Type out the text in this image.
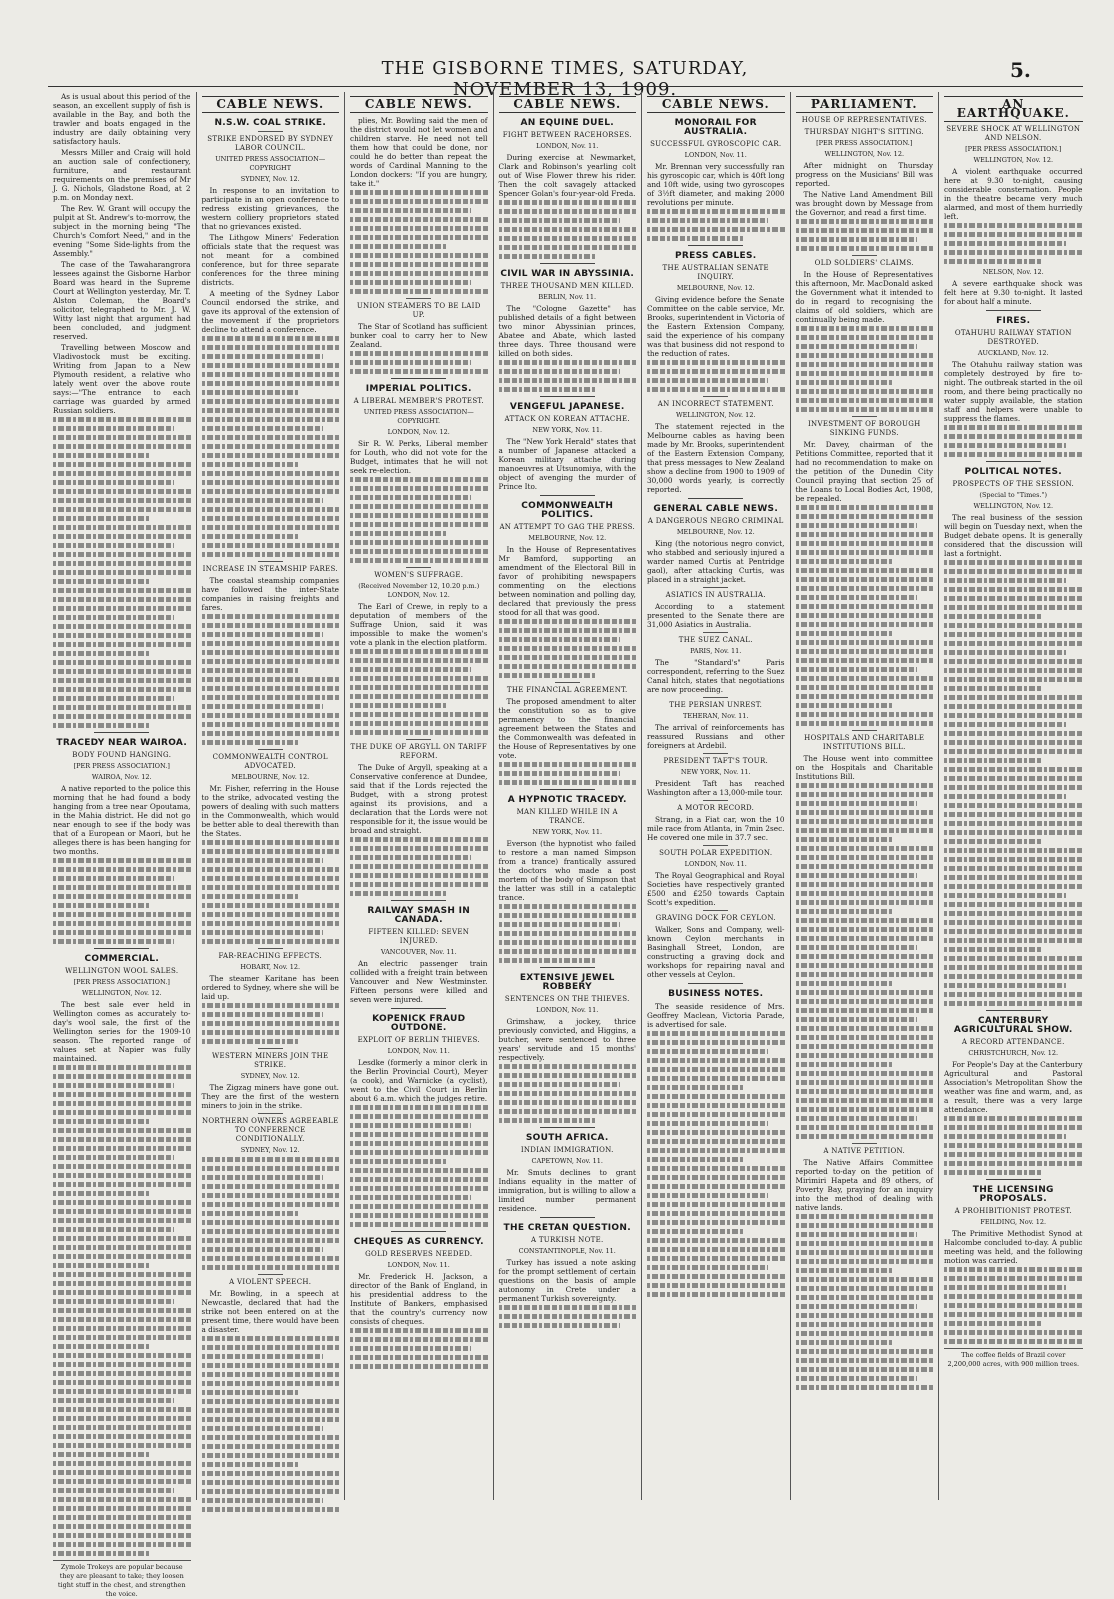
THE GISBORNE TIMES, SATURDAY, NOVEMBER 13, 1909.
5.

As is usual about this period of the season, an excellent supply of fish is available in the Bay, and both the trawler and boats engaged in the industry are daily obtaining very satisfactory hauls.

Messrs Miller and Craig will hold an auction sale of confectionery, furniture, and restaurant requirements on the premises of Mr J. G. Nichols, Gladstone Road, at 2 p.m. on Monday next.

The Rev. W. Grant will occupy the pulpit at St. Andrew's to-morrow, the subject in the morning being "The Church's Comfort Need," and in the evening "Some Side-lights from the Assembly."

The case of the Tawaharangrora lessees against the Gisborne Harbor Board was heard in the Supreme Court at Wellington yesterday, Mr. T. Alston Coleman, the Board's solicitor, telegraphed to Mr. J. W. Witty last night that argument had been concluded, and judgment reserved.

Travelling between Moscow and Vladivostock must be exciting. Writing from Japan to a New Plymouth resident, a relative who lately went over the above route says:—"The entrance to each carriage was guarded by armed Russian soldiers.

TRACEDY NEAR WAIROA.
BODY FOUND HANGING.
[PER PRESS ASSOCIATION.]
WAIROA, Nov. 12.

A native reported to the police this morning that he had found a body hanging from a tree near Opoutama, in the Mahia district. He did not go near enough to see if the body was that of a European or Maori, but he alleges there is has been hanging for two months.

COMMERCIAL.
WELLINGTON WOOL SALES.
[PER PRESS ASSOCIATION.]
WELLINGTON, Nov. 12.

The best sale ever held in Wellington comes as accurately to-day's wool sale, the first of the Wellington series for the 1909-10 season. The reported range of values set at Napier was fully maintained.

Zymole Trokeys are popular because they are pleasant to take; they loosen tight stuff in the chest, and strengthen the voice.
CABLE NEWS.
N.S.W. COAL STRIKE.
STRIKE ENDORSED BY SYDNEY LABOR COUNCIL.
UNITED PRESS ASSOCIATION—COPYRIGHT
SYDNEY, Nov. 12.

In response to an invitation to participate in an open conference to redress existing grievances, the western colliery proprietors stated that no grievances existed.

The Lithgow Miners' Federation officials state that the request was not meant for a combined conference, but for three separate conferences for the three mining districts.

A meeting of the Sydney Labor Council endorsed the strike, and gave its approval of the extension of the movement if the proprietors decline to attend a conference.

INCREASE IN STEAMSHIP FARES.

The coastal steamship companies have followed the inter-State companies in raising freights and fares.

COMMONWEALTH CONTROL ADVOCATED.
MELBOURNE, Nov. 12.

Mr. Fisher, referring in the House to the strike, advocated vesting the powers of dealing with such matters in the Commonwealth, which would be better able to deal therewith than the States.

FAR-REACHING EFFECTS.
HOBART, Nov. 12.

The steamer Karitane has been ordered to Sydney, where she will be laid up.

WESTERN MINERS JOIN THE STRIKE.
SYDNEY, Nov. 12.

The Zigzag miners have gone out. They are the first of the western miners to join in the strike.

NORTHERN OWNERS AGREEABLE TO CONFERENCE CONDITIONALLY.
SYDNEY, Nov. 12.
A VIOLENT SPEECH.

Mr. Bowling, in a speech at Newcastle, declared that had the strike not been entered on at the present time, there would have been a disaster.

CABLE NEWS.

plies, Mr. Bowling said the men of the district would not let women and children starve. He need not tell them how that could be done, nor could he do better than repeat the words of Cardinal Manning to the London dockers: "If you are hungry, take it."

UNION STEAMERS TO BE LAID UP.

The Star of Scotland has sufficient bunker coal to carry her to New Zealand.

IMPERIAL POLITICS.
A LIBERAL MEMBER'S PROTEST.
UNITED PRESS ASSOCIATION—COPYRIGHT.
LONDON, Nov. 12.

Sir R. W. Perks, Liberal member for Louth, who did not vote for the Budget, intimates that he will not seek re-election.

WOMEN'S SUFFRAGE.
(Received November 12, 10.20 p.m.) LONDON, Nov. 12.

The Earl of Crewe, in reply to a deputation of members of the Suffrage Union, said it was impossible to make the women's vote a plank in the election platform.

THE DUKE OF ARGYLL ON TARIFF REFORM.

The Duke of Argyll, speaking at a Conservative conference at Dundee, said that if the Lords rejected the Budget, with a strong protest against its provisions, and a declaration that the Lords were not responsible for it, the issue would be broad and straight.

RAILWAY SMASH IN CANADA.
FIFTEEN KILLED: SEVEN INJURED.
VANCOUVER, Nov. 11.

An electric passenger train collided with a freight train between Vancouver and New Westminster. Fifteen persons were killed and seven were injured.

KOPENICK FRAUD OUTDONE.
EXPLOIT OF BERLIN THIEVES.
LONDON, Nov. 11.

Lesdke (formerly a minor clerk in the Berlin Provincial Court), Meyer (a cook), and Warnicke (a cyclist), went to the Civil Court in Berlin about 6 a.m. which the judges retire.

CHEQUES AS CURRENCY.
GOLD RESERVES NEEDED.
LONDON, Nov. 11.

Mr. Frederick H. Jackson, a director of the Bank of England, in his presidential address to the Institute of Bankers, emphasised that the country's currency now consists of cheques.

CABLE NEWS.
AN EQUINE DUEL.
FIGHT BETWEEN RACEHORSES.
LONDON, Nov. 11.

During exercise at Newmarket, Clark and Robinson's yearling colt out of Wise Flower threw his rider. Then the colt savagely attacked Spencer Golan's four-year-old Freda.

CIVIL WAR IN ABYSSINIA.
THREE THOUSAND MEN KILLED.
BERLIN, Nov. 11.

The "Cologne Gazette" has published details of a fight between two minor Abyssinian princes, Abatee and Abate, which lasted three days. Three thousand were killed on both sides.

VENGEFUL JAPANESE.
ATTACK ON KOREAN ATTACHE.
NEW YORK, Nov. 11.

The "New York Herald" states that a number of Japanese attacked a Korean military attache during manoeuvres at Utsunomiya, with the object of avenging the murder of Prince Ito.

COMMONWEALTH POLITICS.
AN ATTEMPT TO GAG THE PRESS.
MELBOURNE, Nov. 12.

In the House of Representatives Mr Bamford, supporting an amendment of the Electoral Bill in favor of prohibiting newspapers commenting on the elections between nomination and polling day, declared that previously the press stood for all that was good.

THE FINANCIAL AGREEMENT.

The proposed amendment to alter the constitution so as to give permanency to the financial agreement between the States and the Commonwealth was defeated in the House of Representatives by one vote.

A HYPNOTIC TRACEDY.
MAN KILLED WHILE IN A TRANCE.
NEW YORK, Nov. 11.

Everson (the hypnotist who failed to restore a man named Simpson from a trance) frantically assured the doctors who made a post mortem of the body of Simpson that the latter was still in a cataleptic trance.

EXTENSIVE JEWEL ROBBERY
SENTENCES ON THE THIEVES.
LONDON, Nov. 11.

Grimshaw, a jockey, thrice previously convicted, and Higgins, a butcher, were sentenced to three years' servitude and 15 months' respectively.

SOUTH AFRICA.
INDIAN IMMIGRATION.
CAPETOWN, Nov. 11.

Mr. Smuts declines to grant Indians equality in the matter of immigration, but is willing to allow a limited number permanent residence.

THE CRETAN QUESTION.
A TURKISH NOTE.
CONSTANTINOPLE, Nov. 11.

Turkey has issued a note asking for the prompt settlement of certain questions on the basis of ample autonomy in Crete under a permanent Turkish sovereignty.

CABLE NEWS.
MONORAIL FOR AUSTRALIA.
SUCCESSFUL GYROSCOPIC CAR.
LONDON, Nov. 11.

Mr. Brennan very successfully ran his gyroscopic car, which is 40ft long and 10ft wide, using two gyroscopes of 3½ft diameter, and making 2000 revolutions per minute.

PRESS CABLES.
THE AUSTRALIAN SENATE INQUIRY.
MELBOURNE, Nov. 12.

Giving evidence before the Senate Committee on the cable service, Mr. Brooks, superintendent in Victoria of the Eastern Extension Company, said the experience of his company was that business did not respond to the reduction of rates.

AN INCORRECT STATEMENT.
WELLINGTON, Nov. 12.

The statement rejected in the Melbourne cables as having been made by Mr. Brooks, superintendent of the Eastern Extension Company, that press messages to New Zealand show a decline from 1900 to 1909 of 30,000 words yearly, is correctly reported.

GENERAL CABLE NEWS.
A DANGEROUS NEGRO CRIMINAL
MELBOURNE, Nov. 12.

King (the notorious negro convict, who stabbed and seriously injured a warder named Curtis at Pentridge gaol), after attacking Curtis, was placed in a straight jacket.

ASIATICS IN AUSTRALIA.

According to a statement presented to the Senate there are 31,000 Asiatics in Australia.

THE SUEZ CANAL.
PARIS, Nov. 11.

The "Standard's" Paris correspondent, referring to the Suez Canal hitch, states that negotiations are now proceeding.

THE PERSIAN UNREST.
TEHERAN, Nov. 11.

The arrival of reinforcements has reassured Russians and other foreigners at Ardebil.

PRESIDENT TAFT'S TOUR.
NEW YORK, Nov. 11.

President Taft has reached Washington after a 13,000-mile tour.

A MOTOR RECORD.

Strang, in a Fiat car, won the 10 mile race from Atlanta, in 7min 2sec. He covered one mile in 37.7 sec.

SOUTH POLAR EXPEDITION.
LONDON, Nov. 11.

The Royal Geographical and Royal Societies have respectively granted £500 and £250 towards Captain Scott's expedition.

GRAVING DOCK FOR CEYLON.

Walker, Sons and Company, well-known Ceylon merchants in Basinghall Street, London, are constructing a graving dock and workshops for repairing naval and other vessels at Ceylon.

BUSINESS NOTES.

The seaside residence of Mrs. Geoffrey Maclean, Victoria Parade, is advertised for sale.

PARLIAMENT.
HOUSE OF REPRESENTATIVES.
THURSDAY NIGHT'S SITTING.
[PER PRESS ASSOCIATION.]
WELLINGTON, Nov. 12.

After midnight on Thursday progress on the Musicians' Bill was reported.

The Native Land Amendment Bill was brought down by Message from the Governor, and read a first time.

OLD SOLDIERS' CLAIMS.

In the House of Representatives this afternoon, Mr. MacDonald asked the Government what it intended to do in regard to recognising the claims of old soldiers, which are continually being made.

INVESTMENT OF BOROUGH SINKING FUNDS.

Mr. Davey, chairman of the Petitions Committee, reported that it had no recommendation to make on the petition of the Dunedin City Council praying that section 25 of the Loans to Local Bodies Act, 1908, be repealed.

HOSPITALS AND CHARITABLE INSTITUTIONS BILL.

The House went into committee on the Hospitals and Charitable Institutions Bill.

A NATIVE PETITION.

The Native Affairs Committee reported to-day on the petition of Mirimiri Hapeta and 89 others, of Poverty Bay, praying for an inquiry into the method of dealing with native lands.

AN EARTHQUAKE.
SEVERE SHOCK AT WELLINGTON AND NELSON.
[PER PRESS ASSOCIATION.]
WELLINGTON, Nov. 12.

A violent earthquake occurred here at 9.30 to-night, causing considerable consternation. People in the theatre became very much alarmed, and most of them hurriedly left.

NELSON, Nov. 12.

A severe earthquake shock was felt here at 9.30 to-night. It lasted for about half a minute.

FIRES.
OTAHUHU RAILWAY STATION DESTROYED.
AUCKLAND, Nov. 12.

The Otahuhu railway station was completely destroyed by fire to-night. The outbreak started in the oil room, and there being practically no water supply available, the station staff and helpers were unable to suppress the flames.

POLITICAL NOTES.
PROSPECTS OF THE SESSION.
(Special to "Times.")
WELLINGTON, Nov. 12.

The real business of the session will begin on Tuesday next, when the Budget debate opens. It is generally considered that the discussion will last a fortnight.

CANTERBURY AGRICULTURAL SHOW.
A RECORD ATTENDANCE.
CHRISTCHURCH, Nov. 12.

For People's Day at the Canterbury Agricultural and Pastoral Association's Metropolitan Show the weather was fine and warm, and, as a result, there was a very large attendance.

THE LICENSING PROPOSALS.
A PROHIBITIONIST PROTEST.
FEILDING, Nov. 12.

The Primitive Methodist Synod at Halcombe concluded to-day. A public meeting was held, and the following motion was carried.

The coffee fields of Brazil cover 2,200,000 acres, with 900 million trees.
